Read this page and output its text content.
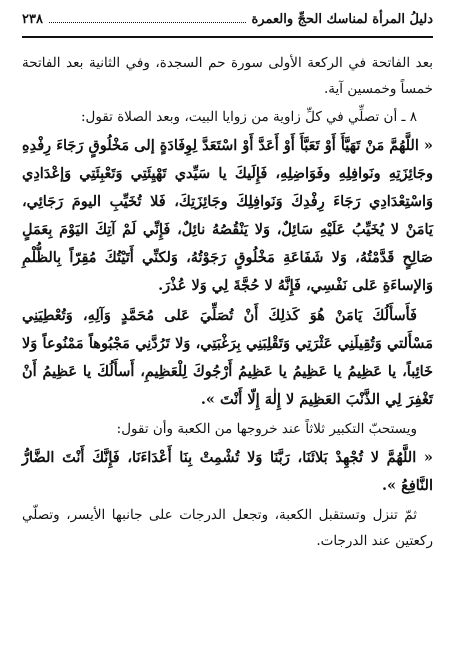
٢٣٨	دليلُ المرأة لمناسك الحجِّ والعمرة

بعد الفاتحة في الركعة الأولى سورة حم السجدة، وفي الثانية بعد الفاتحة خمساً وخمسين آية.

٨ ـ أن تصلِّي في كلِّ زاوية من زوايا البيت، وبعد الصلاة تقول:

« اللَّهُمَّ مَنْ تَهَيَّأَ أَوْ تَعَبَّأَ أَوْ أَعَدَّ أَوْ اسْتَعَدَّ لِوِفَادَةٍ إلى مَخْلُوقٍ رَجَاءَ رِفْدِهِ وجَائِزَتِهِ ونَوافِلِهِ وفَوَاضِلِهِ، فَإِلَيكَ يا سَيِّدي تَهْيِئَتِي وَتَعْبِئَتِي وَإعْدَادِي وَاسْتِعْدَادِي رَجَاءَ رِفْدِكَ وَنَوافِلِكَ وجَائِزَتِكَ، فَلا تُخَيِّبِ اليومَ رَجَائِي، يَامَنْ لا يُخَيِّبُ عَلَيْهِ سَائِلٌ، وَلا يَنْقُصُهُ نائِلٌ، فَإِنِّي لَمْ آتِكَ اليَوْمَ بِعَمَلٍ صَالِحٍ قَدَّمْتُهُ، وَلا شَفَاعَةِ مَخْلُوقٍ رَجَوْتُهُ، وَلكنِّي أَتَيْتُكَ مُقِرّاً بِالظُّلْمِ وَالإساءَةِ عَلى نَفْسِي، فَإِنَّهُ لا حُجَّةَ لِي وَلا عُذْرَ.

فَأَسأَلُكَ يَامَنْ هُوَ كَذلِكَ أَنْ تُصَلِّيَ عَلى مُحَمَّدٍ وَآلِهِ، وَتُعْطِيَنِي مَسْأَلتي وَتُقِيلَنِي عَثْرَتِي وَتَقْلِبَنِي بِرَغْبَتِي، وَلا تَرُدَّنِي مَجْبُوهاً مَمْنُوعاً وَلا خَائِباً، يا عَظِيمُ يا عَظِيمُ يا عَظِيمُ أَرْجُوكَ لِلْعَظِيمِ، أَسأَلُكَ يا عَظِيمُ أَنْ تَغْفِرَ لِي الذَّنْبَ العَظِيمَ لا إِلٰهَ إِلّا أَنْتَ ».

ويستحبّ التكبير ثلاثاً عند خروجها من الكعبة وأن تقول:

« اللَّهُمَّ لا تُجْهِدْ بَلائَنَا، رَبَّنَا وَلا تُشْمِتْ بِنَا أَعْدَاءَنَا، فَإِنَّكَ أَنْتَ الضَّارُّ النَّافِعُ ».

ثمّ تنزل وتستقبل الكعبة، وتجعل الدرجات على جانبها الأيسر، وتصلّي ركعتين عند الدرجات.
